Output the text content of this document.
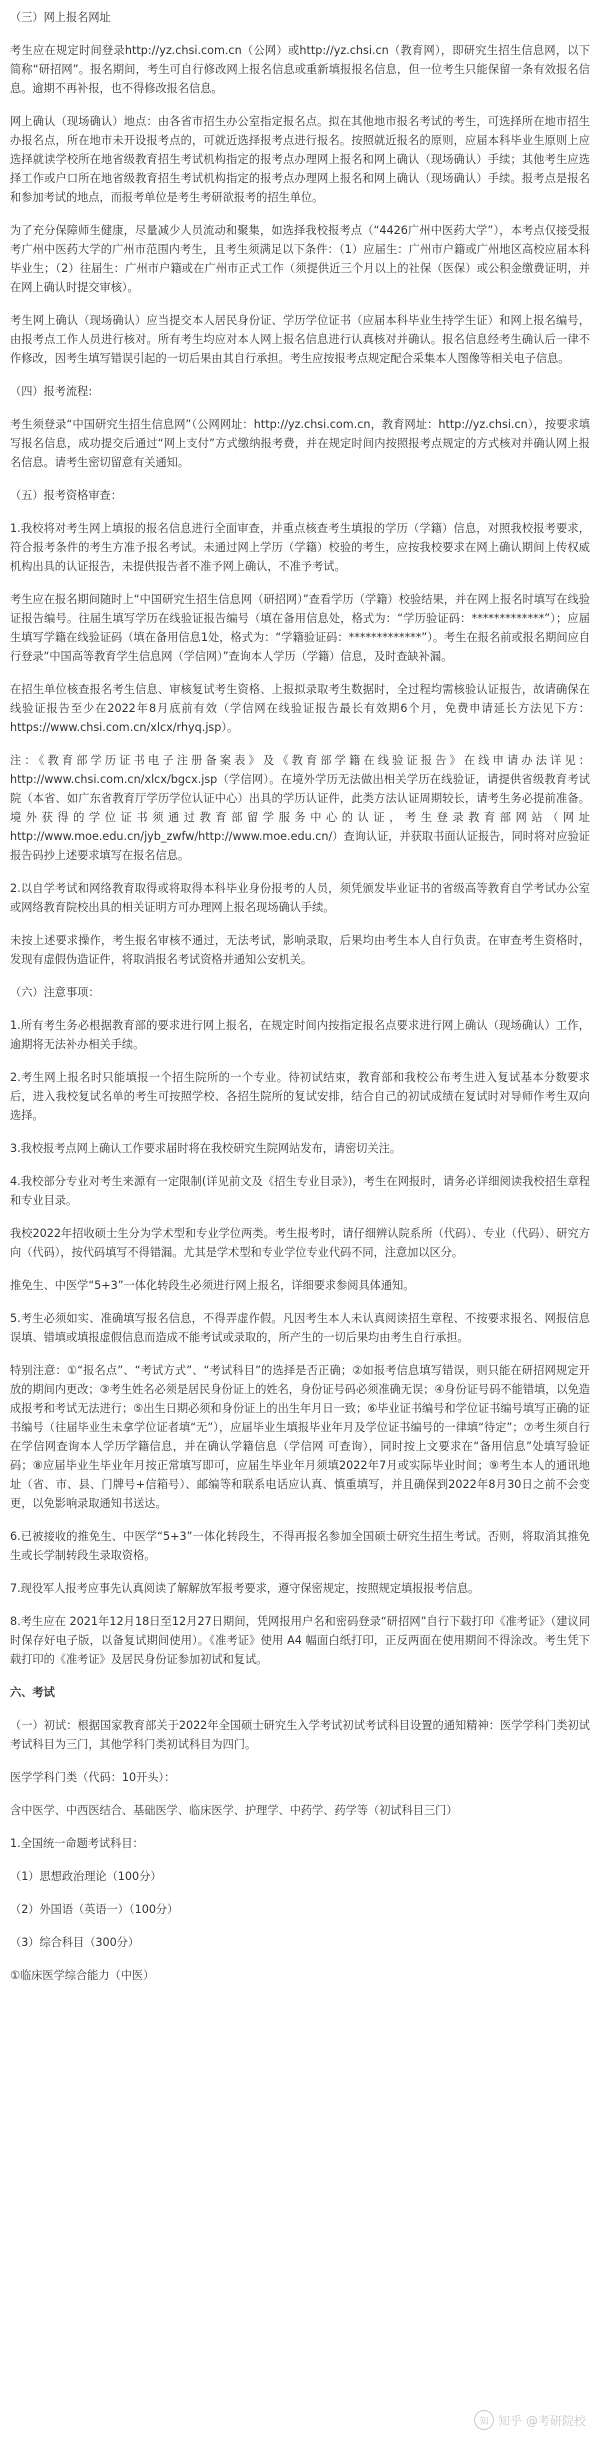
（三）网上报名网址

考生应在规定时间登录http://yz.chsi.com.cn（公网）或http://yz.chsi.cn（教育网），即研究生招生信息网，以下简称“研招网”。报名期间，考生可自行修改网上报名信息或重新填报报名信息，但一位考生只能保留一条有效报名信息。逾期不再补报，也不得修改报名信息。

网上确认（现场确认）地点：由各省市招生办公室指定报名点。拟在其他地市报名考试的考生，可选择所在地市招生办报名点，所在地市未开设报考点的，可就近选择报考点进行报名。按照就近报名的原则，应届本科毕业生原则上应选择就读学校所在地省级教育招生考试机构指定的报考点办理网上报名和网上确认（现场确认）手续；其他考生应选择工作或户口所在地省级教育招生考试机构指定的报考点办理网上报名和网上确认（现场确认）手续。报考点是报名和参加考试的地点，而报考单位是考生考研欲报考的招生单位。

为了充分保障师生健康，尽量减少人员流动和聚集，如选择我校报考点（“4426广州中医药大学”），本考点仅接受报考广州中医药大学的广州市范围内考生，且考生须满足以下条件：（1）应届生：广州市户籍或广州地区高校应届本科毕业生；（2）往届生：广州市户籍或在广州市正式工作（须提供近三个月以上的社保（医保）或公积金缴费证明，并在网上确认时提交审核）。

考生网上确认（现场确认）应当提交本人居民身份证、学历学位证书（应届本科毕业生持学生证）和网上报名编号，由报考点工作人员进行核对。所有考生均应对本人网上报名信息进行认真核对并确认。报名信息经考生确认后一律不作修改，因考生填写错误引起的一切后果由其自行承担。考生应按报考点规定配合采集本人图像等相关电子信息。

（四）报考流程:

考生须登录“中国研究生招生信息网”（公网网址：http://yz.chsi.com.cn，教育网址：http://yz.chsi.cn），按要求填写报名信息，成功提交后通过“网上支付”方式缴纳报考费，并在规定时间内按照报考点规定的方式核对并确认网上报名信息。请考生密切留意有关通知。

（五）报考资格审查：

1.我校将对考生网上填报的报名信息进行全面审查，并重点核查考生填报的学历（学籍）信息，对照我校报考要求，符合报考条件的考生方准予报名考试。未通过网上学历（学籍）校验的考生，应按我校要求在网上确认期间上传权威机构出具的认证报告，未提供报告者不准予网上确认，不准予考试。

考生应在报名期间随时上“中国研究生招生信息网（研招网）”查看学历（学籍）校验结果，并在网上报名时填写在线验证报告编号。往届生填写学历在线验证报告编号（填在备用信息处，格式为：“学历验证码：*************”）；应届生填写学籍在线验证码（填在备用信息1处，格式为：“学籍验证码：*************”）。考生在报名前或报名期间应自行登录“中国高等教育学生信息网（学信网）”查询本人学历（学籍）信息，及时查缺补漏。

在招生单位核查报名考生信息、审核复试考生资格、上报拟录取考生数据时，全过程均需核验认证报告，故请确保在线验证报告至少在2022年8月底前有效（学信网在线验证报告最长有效期6个月，免费申请延长方法见下方：https://www.chsi.com.cn/xlcx/rhyq.jsp）。

注：《教育部学历证书电子注册备案表》及《教育部学籍在线验证报告》在线申请办法详见：http://www.chsi.com.cn/xlcx/bgcx.jsp（学信网）。在境外学历无法做出相关学历在线验证，请提供省级教育考试院（本省、如广东省教育厅学历学位认证中心）出具的学历认证件，此类方法认证周期较长，请考生务必提前准备。境外获得的学位证书须通过教育部留学服务中心的认证，考生登录教育部网站（网址http://www.moe.edu.cn/jyb_zwfw/http://www.moe.edu.cn/）查询认证，并获取书面认证报告，同时将对应验证报告码抄上述要求填写在报名信息。

2.以自学考试和网络教育取得或将取得本科毕业身份报考的人员，须凭颁发毕业证书的省级高等教育自学考试办公室或网络教育院校出具的相关证明方可办理网上报名现场确认手续。

未按上述要求操作，考生报名审核不通过，无法考试，影响录取，后果均由考生本人自行负责。在审查考生资格时，发现有虚假伪造证件，将取消报名考试资格并通知公安机关。

（六）注意事项：

1.所有考生务必根据教育部的要求进行网上报名，在规定时间内按指定报名点要求进行网上确认（现场确认）工作，逾期将无法补办相关手续。

2.考生网上报名时只能填报一个招生院所的一个专业。待初试结束，教育部和我校公布考生进入复试基本分数要求后，进入我校复试名单的考生可按照学校、各招生院所的复试安排，结合自己的初试成绩在复试时对导师作考生双向选择。

3.我校报考点网上确认工作要求届时将在我校研究生院网站发布，请密切关注。

4.我校部分专业对考生来源有一定限制(详见前文及《招生专业目录》)，考生在网报时，请务必详细阅读我校招生章程和专业目录。

我校2022年招收硕士生分为学术型和专业学位两类。考生报考时，请仔细辨认院系所（代码）、专业（代码）、研究方向（代码），按代码填写不得错漏。尤其是学术型和专业学位专业代码不同，注意加以区分。

推免生、中医学“5+3”一体化转段生必须进行网上报名，详细要求参阅具体通知。

5.考生必须如实、准确填写报名信息，不得弄虚作假。凡因考生本人未认真阅读招生章程、不按要求报名、网报信息误填、错填或填报虚假信息而造成不能考试或录取的，所产生的一切后果均由考生自行承担。

特别注意：①“报名点”、“考试方式”、“考试科目”的选择是否正确；②如报考信息填写错误，则只能在研招网规定开放的期间内更改；③考生姓名必须是居民身份证上的姓名，身份证号码必须准确无误；④身份证号码不能错填，以免造成报考和考试无法进行；⑤出生日期必须和身份证上的出生年月日一致；⑥毕业证书编号和学位证书编号填写正确的证书编号（往届毕业生未拿学位证者填“无”），应届毕业生填报毕业年月及学位证书编号的一律填“待定”；⑦考生须自行在学信网查询本人学历学籍信息，并在确认学籍信息（学信网 可查询），同时按上文要求在“备用信息”处填写验证码；⑧应届毕业生毕业年月按正常填写即可，应届生毕业年月须填2022年7月或实际毕业时间；⑨考生本人的通讯地址（省、市、县、门牌号+信箱号）、邮编等和联系电话应认真、慎重填写，并且确保到2022年8月30日之前不会变更，以免影响录取通知书送达。

6.已被接收的推免生、中医学“5+3”一体化转段生，不得再报名参加全国硕士研究生招生考试。否则，将取消其推免生或长学制转段生录取资格。

7.现役军人报考应事先认真阅读了解解放军报考要求，遵守保密规定，按照规定填报报考信息。

8.考生应在 2021年12月18日至12月27日期间，凭网报用户名和密码登录“研招网”自行下载打印《准考证》（建议同时保存好电子版，以备复试期间使用）。《准考证》使用 A4 幅面白纸打印，正反两面在使用期间不得涂改。考生凭下载打印的《准考证》及居民身份证参加初试和复试。

六、考试

（一）初试：根据国家教育部关于2022年全国硕士研究生入学考试初试考试科目设置的通知精神：医学学科门类初试考试科目为三门，其他学科门类初试科目为四门。

医学学科门类（代码：10开头）：

含中医学、中西医结合、基础医学、临床医学、护理学、中药学、药学等（初试科目三门）

1.全国统一命题考试科目：

（1）思想政治理论（100分）

（2）外国语（英语一）（100分）

（3）综合科目（300分）

①临床医学综合能力（中医）

知 知乎 @考研院校
